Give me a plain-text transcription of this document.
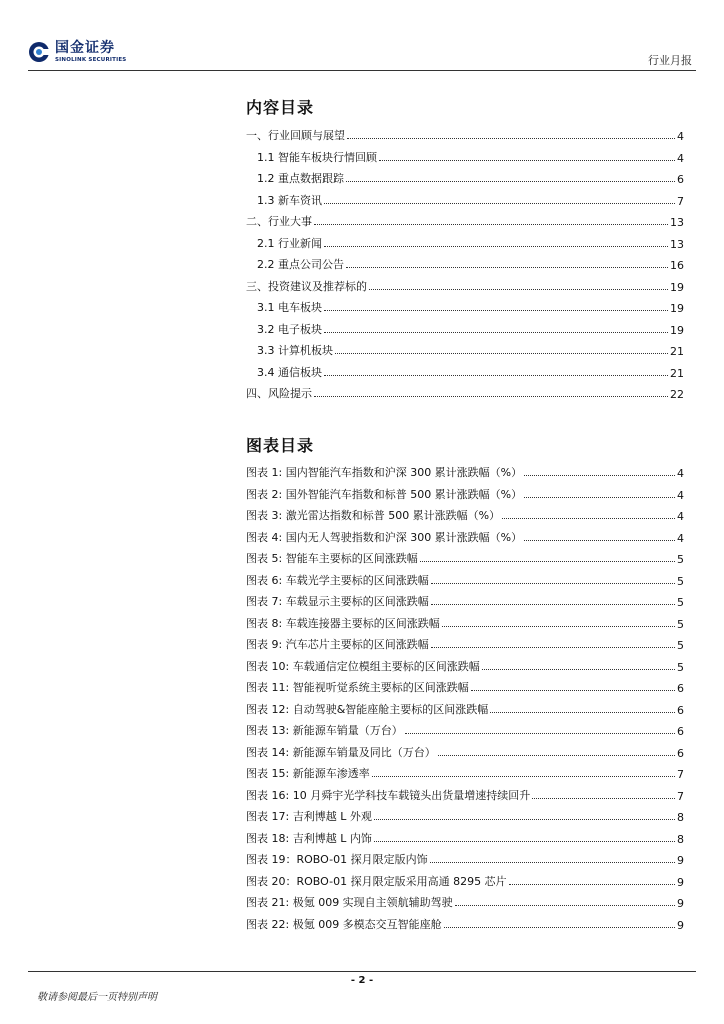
国金证券
SINOLINK SECURITIES	行业月报
内容目录
一、行业回顾与展望	4
1.1 智能车板块行情回顾	4
1.2 重点数据跟踪	6
1.3 新车资讯	7
二、行业大事	13
2.1 行业新闻	13
2.2 重点公司公告	16
三、投资建议及推荐标的	19
3.1 电车板块	19
3.2 电子板块	19
3.3 计算机板块	21
3.4 通信板块	21
四、风险提示	22
图表目录
图表 1: 国内智能汽车指数和沪深 300 累计涨跌幅（%）	4
图表 2: 国外智能汽车指数和标普 500 累计涨跌幅（%）	4
图表 3: 激光雷达指数和标普 500 累计涨跌幅（%）	4
图表 4: 国内无人驾驶指数和沪深 300 累计涨跌幅（%）	4
图表 5: 智能车主要标的区间涨跌幅	5
图表 6: 车载光学主要标的区间涨跌幅	5
图表 7: 车载显示主要标的区间涨跌幅	5
图表 8: 车载连接器主要标的区间涨跌幅	5
图表 9: 汽车芯片主要标的区间涨跌幅	5
图表 10: 车载通信定位模组主要标的区间涨跌幅	5
图表 11: 智能视听觉系统主要标的区间涨跌幅	6
图表 12: 自动驾驶&智能座舱主要标的区间涨跌幅	6
图表 13: 新能源车销量（万台）	6
图表 14: 新能源车销量及同比（万台）	6
图表 15: 新能源车渗透率	7
图表 16: 10 月舜宇光学科技车载镜头出货量增速持续回升	7
图表 17: 吉利博越 L 外观	8
图表 18: 吉利博越 L 内饰	8
图表 19：ROBO-01 探月限定版内饰	9
图表 20：ROBO-01 探月限定版采用高通 8295 芯片	9
图表 21: 极氪 009 实现自主领航辅助驾驶	9
图表 22: 极氪 009 多模态交互智能座舱	9
- 2 -
敬请参阅最后一页特别声明
